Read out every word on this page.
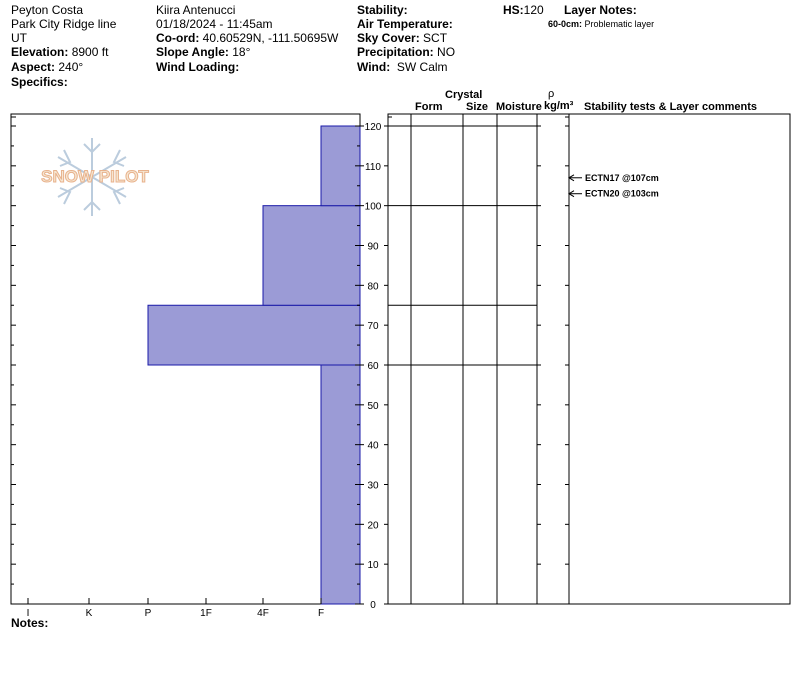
Peyton Costa
Park City Ridge line
UT
Elevation: 8900 ft
Aspect: 240°
Specifics:
Kiira Antenucci
01/18/2024 - 11:45am
Co-ord: 40.60529N, -111.50695W
Slope Angle: 18°
Wind Loading:
Stability:
Air Temperature:
Sky Cover: SCT
Precipitation: NO
Wind: SW Calm
HS:120 Layer Notes:
60-0cm: Problematic layer
Crystal
Form Size Moisture
ρ
kg/m³ Stability tests & Layer comments
SNOW PILOT
I	K	P	1F	4F	F
0
10
20
30
40
50
60
70
80
90
100
110
120
ECTN17 @107cm
ECTN20 @103cm
Notes:
